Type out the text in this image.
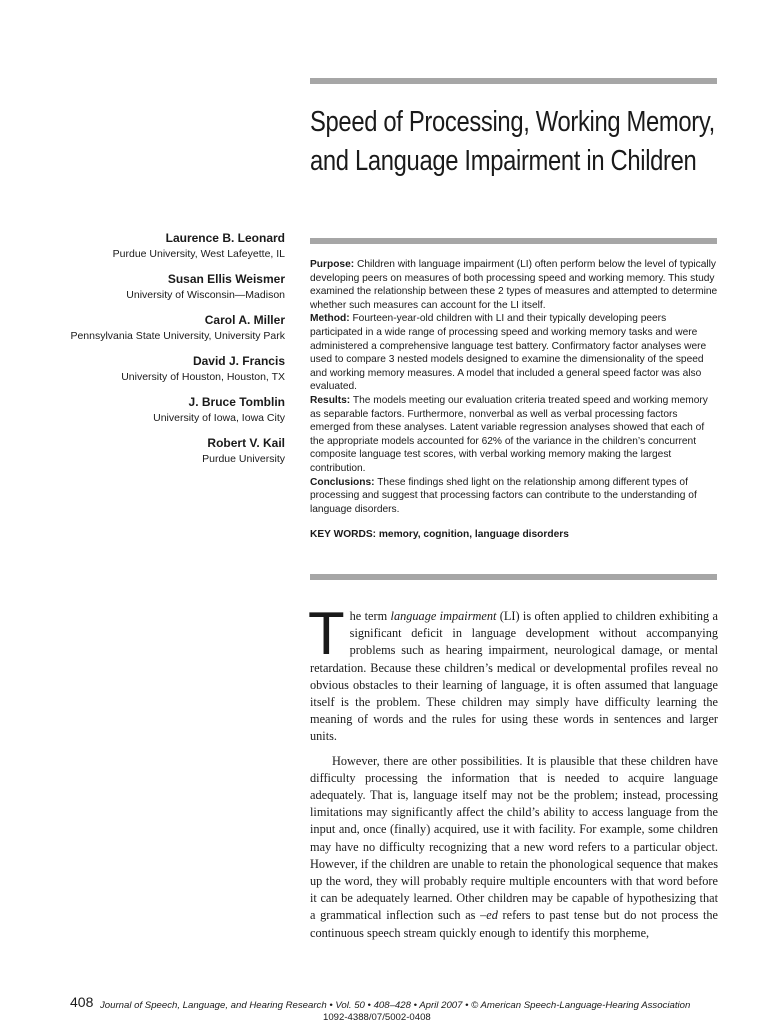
Speed of Processing, Working Memory,
and Language Impairment in Children
Laurence B. Leonard
Purdue University, West Lafeyette, IL
Susan Ellis Weismer
University of Wisconsin—Madison
Carol A. Miller
Pennsylvania State University, University Park
David J. Francis
University of Houston, Houston, TX
J. Bruce Tomblin
University of Iowa, Iowa City
Robert V. Kail
Purdue University

Purpose: Children with language impairment (LI) often perform below the level of typically developing peers on measures of both processing speed and working memory. This study examined the relationship between these 2 types of measures and attempted to determine whether such measures can account for the LI itself.

Method: Fourteen-year-old children with LI and their typically developing peers participated in a wide range of processing speed and working memory tasks and were administered a comprehensive language test battery. Confirmatory factor analyses were used to compare 3 nested models designed to examine the dimensionality of the speed and working memory measures. A model that included a general speed factor was also evaluated.

Results: The models meeting our evaluation criteria treated speed and working memory as separable factors. Furthermore, nonverbal as well as verbal processing factors emerged from these analyses. Latent variable regression analyses showed that each of the appropriate models accounted for 62% of the variance in the children’s concurrent composite language test scores, with verbal working memory making the largest contribution.

Conclusions: These findings shed light on the relationship among different types of processing and suggest that processing factors can contribute to the understanding of language disorders.

KEY WORDS: memory, cognition, language disorders

The term language impairment (LI) is often applied to children exhibiting a significant deficit in language development without accompanying problems such as hearing impairment, neurological damage, or mental retardation. Because these children’s medical or developmental profiles reveal no obvious obstacles to their learning of language, it is often assumed that language itself is the problem. These children may simply have difficulty learning the meaning of words and the rules for using these words in sentences and larger units.

However, there are other possibilities. It is plausible that these children have difficulty processing the information that is needed to acquire language adequately. That is, language itself may not be the problem; instead, processing limitations may significantly affect the child’s ability to access language from the input and, once (finally) acquired, use it with facility. For example, some children may have no difficulty recognizing that a new word refers to a particular object. However, if the children are unable to retain the phonological sequence that makes up the word, they will probably require multiple encounters with that word before it can be adequately learned. Other children may be capable of hypothesizing that a grammatical inflection such as –ed refers to past tense but do not process the continuous speech stream quickly enough to identify this morpheme,

408 Journal of Speech, Language, and Hearing Research • Vol. 50 • 408–428 • April 2007 • © American Speech-Language-Hearing Association
1092-4388/07/5002-0408
